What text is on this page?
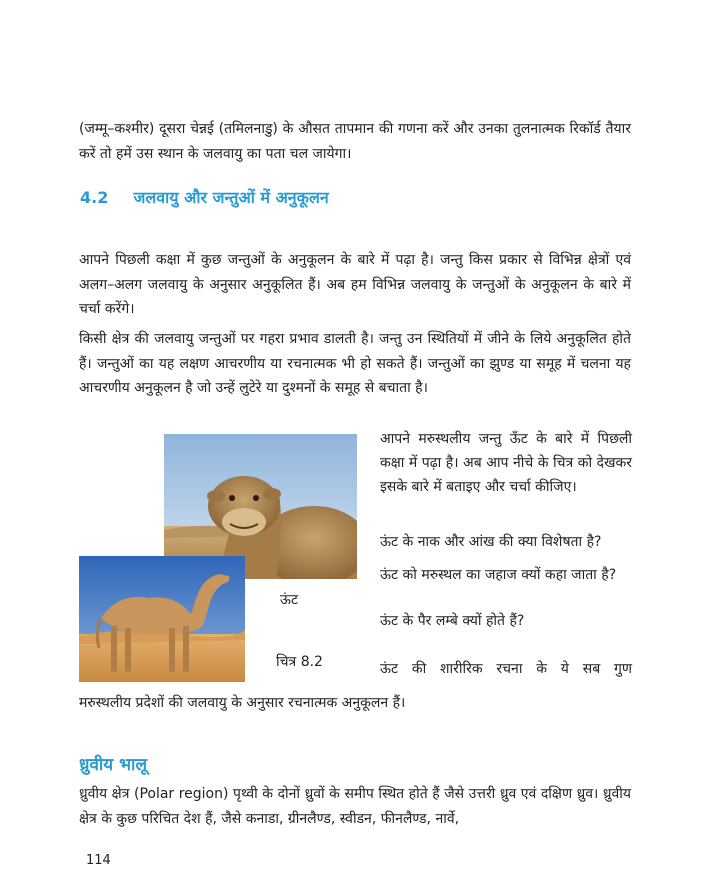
(जम्मू–कश्मीर) दूसरा चेन्नई (तमिलनाडु) के औसत तापमान की गणना करें और उनका तुलनात्मक रिकॉर्ड तैयार करें तो हमें उस स्थान के जलवायु का पता चल जायेगा।

4.2 जलवायु और जन्तुओं में अनुकूलन

आपने पिछली कक्षा में कुछ जन्तुओं के अनुकूलन के बारे में पढ़ा है। जन्तु किस प्रकार से विभिन्न क्षेत्रों एवं अलग–अलग जलवायु के अनुसार अनुकूलित हैं। अब हम विभिन्न जलवायु के जन्तुओं के अनुकूलन के बारे में चर्चा करेंगे।

किसी क्षेत्र की जलवायु जन्तुओं पर गहरा प्रभाव डालती है। जन्तु उन स्थितियों में जीने के लिये अनुकूलित होते हैं। जन्तुओं का यह लक्षण आचरणीय या रचनात्मक भी हो सकते हैं। जन्तुओं का झुण्ड या समूह में चलना यह आचरणीय अनुकूलन है जो उन्हें लुटेरे या दुश्मनों के समूह से बचाता है।

ऊंट
चित्र 8.2

आपने मरुस्थलीय जन्तु ऊँट के बारे में पिछली कक्षा में पढ़ा है। अब आप नीचे के चित्र को देखकर इसके बारे में बताइए और चर्चा कीजिए।

ऊंट के नाक और आंख की क्या विशेषता है?

ऊंट को मरुस्थल का जहाज क्यों कहा जाता है?

ऊंट के पैर लम्बे क्यों होते हैं?

ऊंट की शारीरिक रचना के ये सब गुण

मरुस्थलीय प्रदेशों की जलवायु के अनुसार रचनात्मक अनुकूलन हैं।

ध्रुवीय भालू

ध्रुवीय क्षेत्र (Polar region) पृथ्वी के दोनों ध्रुवों के समीप स्थित होते हैं जैसे उत्तरी ध्रुव एवं दक्षिण ध्रुव। ध्रुवीय क्षेत्र के कुछ परिचित देश हैं, जैसे कनाडा, ग्रीनलैण्ड, स्वीडन, फीनलैण्ड, नार्वे,

114
